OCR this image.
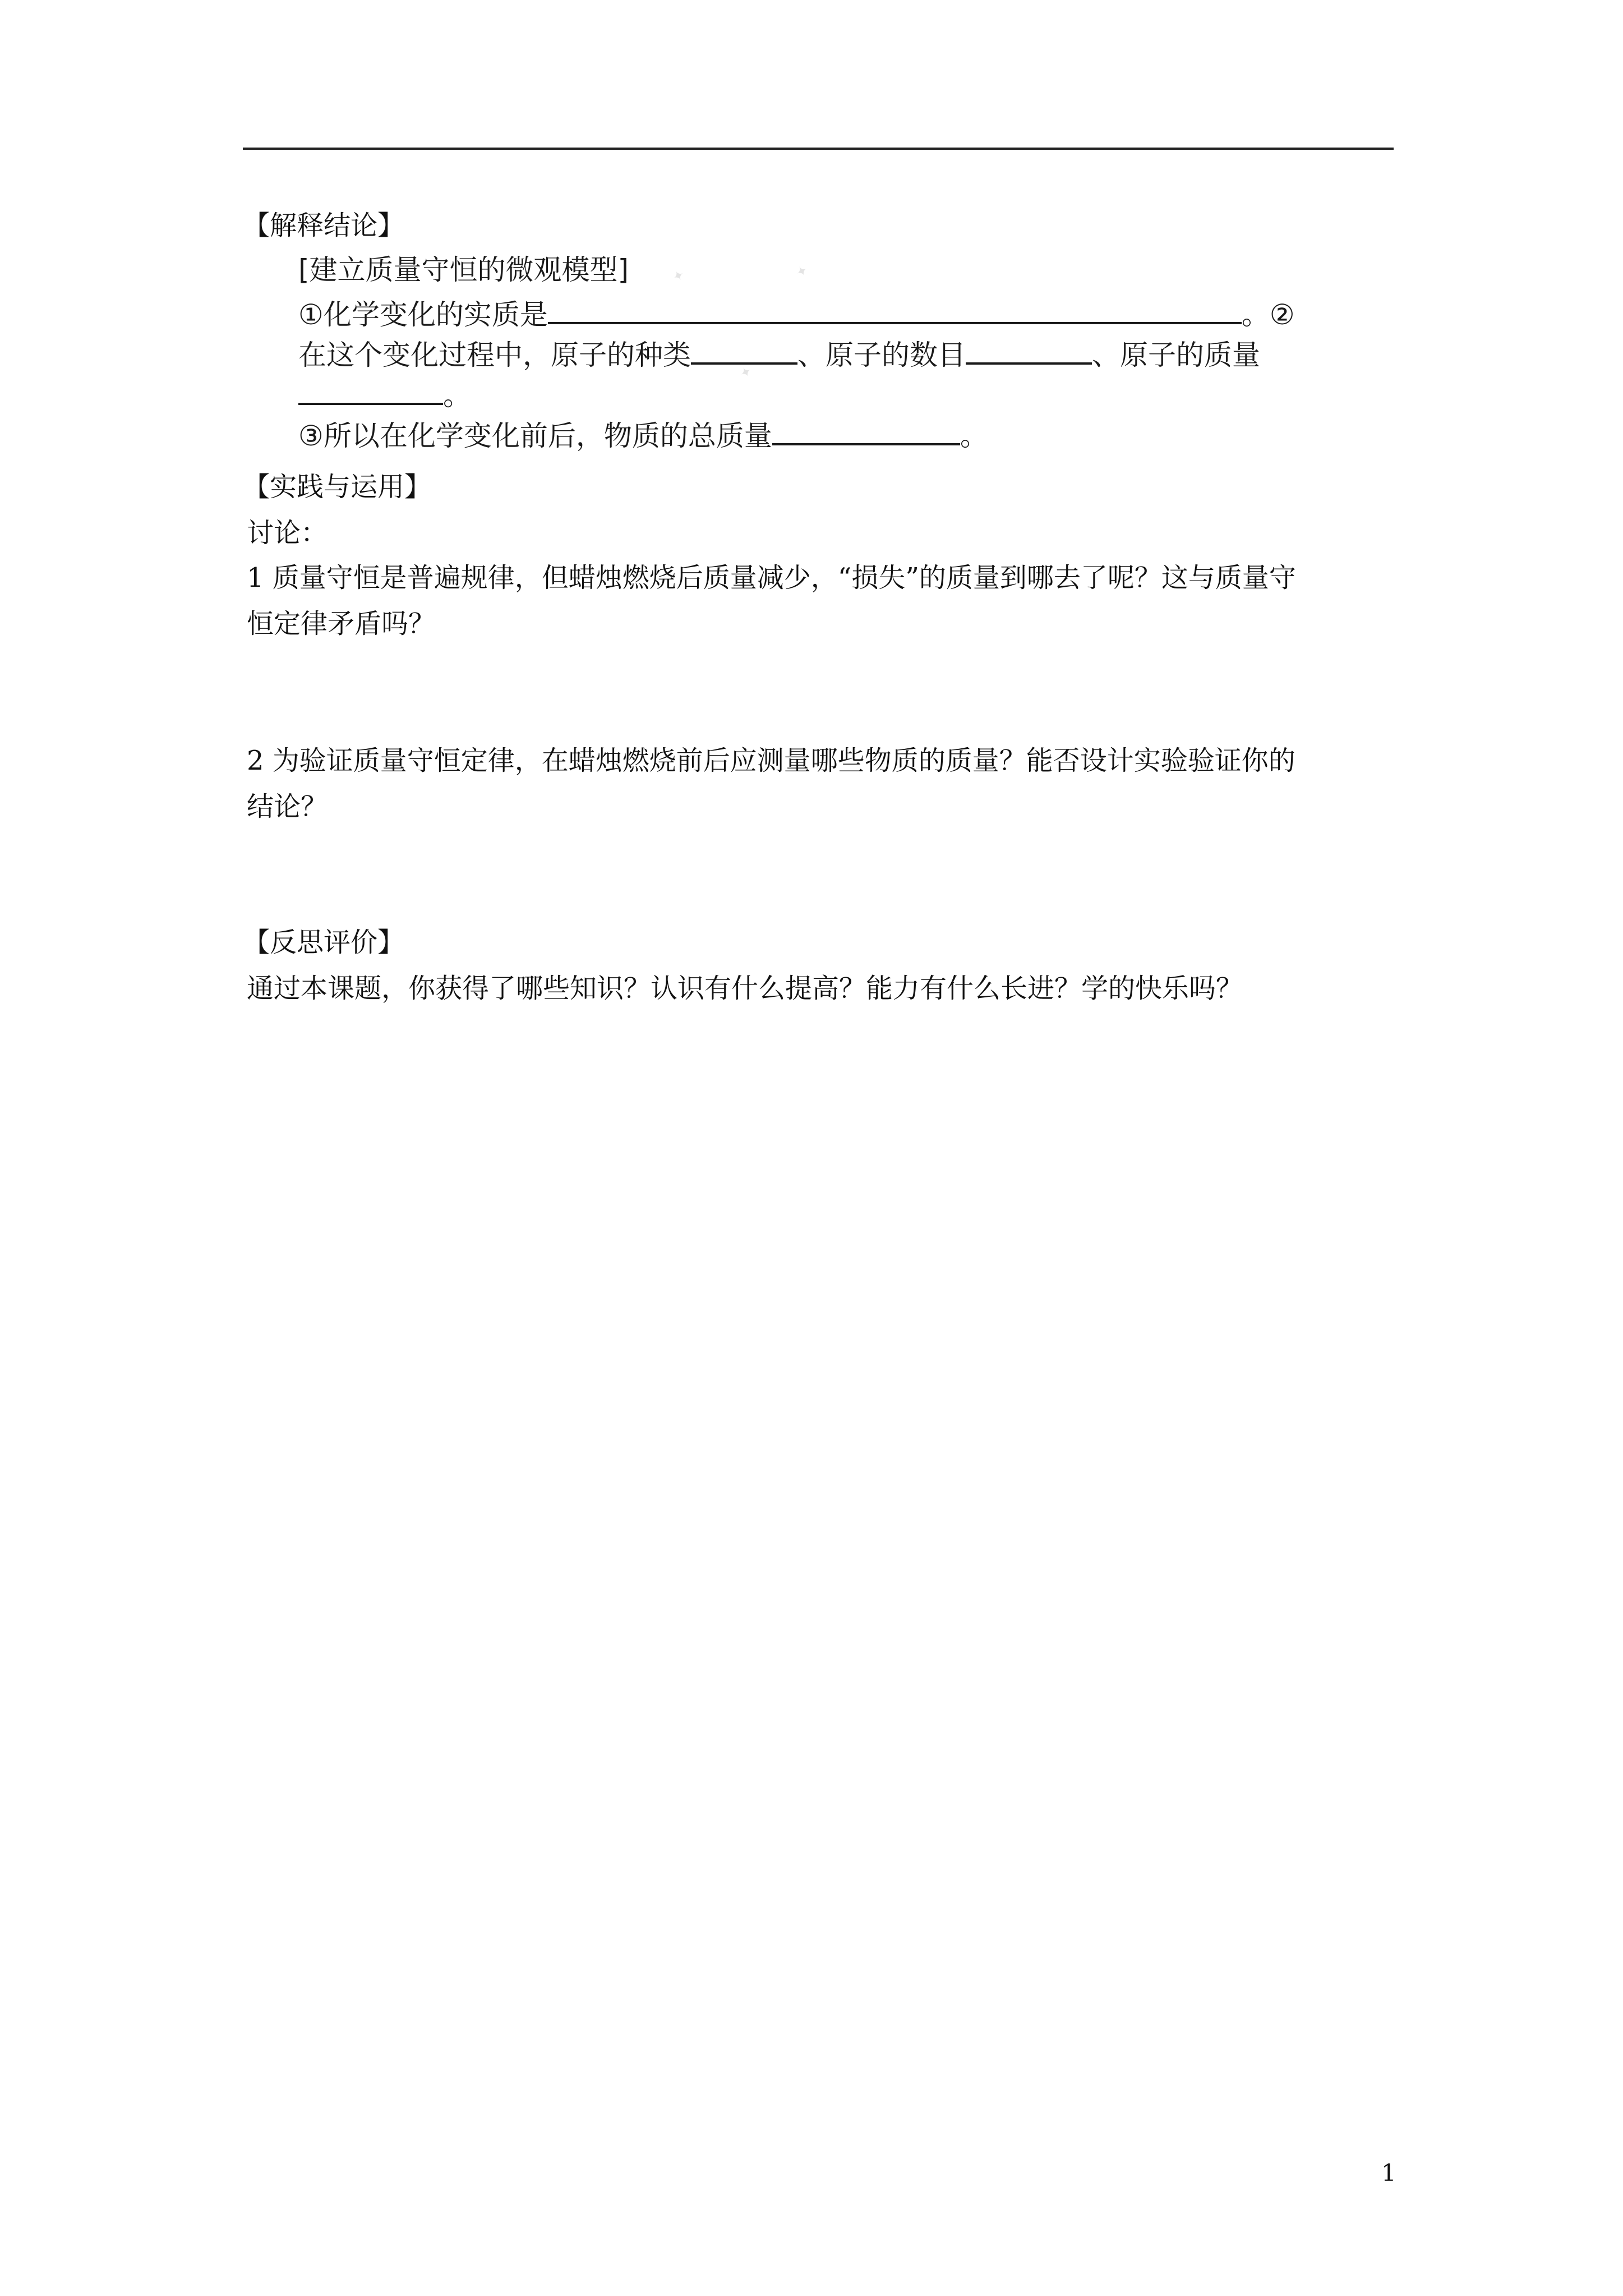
【解释结论】
✦	✦
✦
[建立质量守恒的微观模型]
①化学变化的实质是	。②
在这个变化过程中，原子的种类	、原子的数目	、原子的质量
。
③所以在化学变化前后，物质的总质量	。
【实践与运用】
讨论：
1 质量守恒是普遍规律，但蜡烛燃烧后质量减少，“损失”的质量到哪去了呢？这与质量守
恒定律矛盾吗？
2 为验证质量守恒定律，在蜡烛燃烧前后应测量哪些物质的质量？能否设计实验验证你的
结论？
【反思评价】
通过本课题，你获得了哪些知识？认识有什么提高？能力有什么长进？学的快乐吗？
1
